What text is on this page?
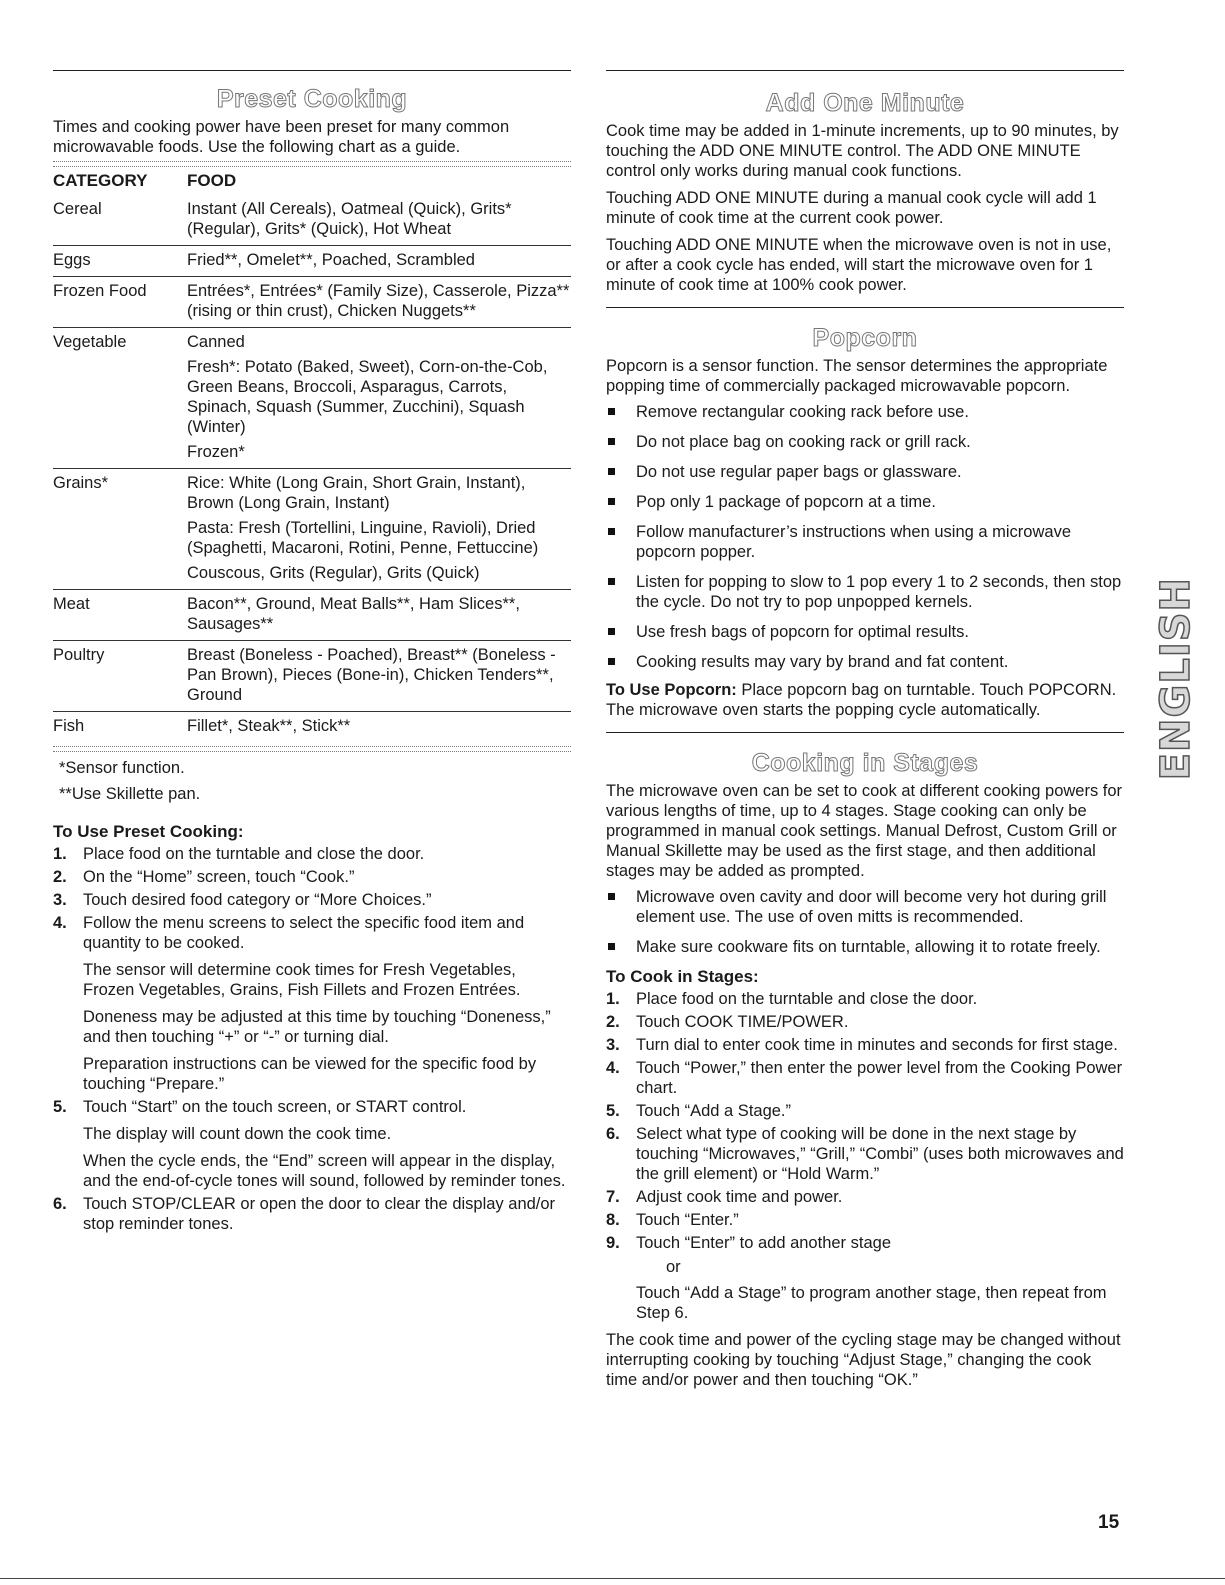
Preset Cooking

Times and cooking power have been preset for many common microwavable foods. Use the following chart as a guide.

CATEGORY	FOOD
Cereal	Instant (All Cereals), Oatmeal (Quick), Grits* (Regular), Grits* (Quick), Hot Wheat

Eggs	Fried**, Omelet**, Poached, Scrambled

Frozen Food	Entrées*, Entrées* (Family Size), Casserole, Pizza** (rising or thin crust), Chicken Nuggets**

Vegetable	Canned

Fresh*: Potato (Baked, Sweet), Corn-on-the-Cob, Green Beans, Broccoli, Asparagus, Carrots, Spinach, Squash (Summer, Zucchini), Squash (Winter)

Frozen*

Grains*	Rice: White (Long Grain, Short Grain, Instant), Brown (Long Grain, Instant)

Pasta: Fresh (Tortellini, Linguine, Ravioli), Dried (Spaghetti, Macaroni, Rotini, Penne, Fettuccine)

Couscous, Grits (Regular), Grits (Quick)

Meat	Bacon**, Ground, Meat Balls**, Ham Slices**, Sausages**

Poultry	Breast (Boneless - Poached), Breast** (Boneless - Pan Brown), Pieces (Bone-in), Chicken Tenders**, Ground

Fish	Fillet*, Steak**, Stick**

*Sensor function.

**Use Skillette pan.

To Use Preset Cooking:
1. Place food on the turntable and close the door.
2. On the “Home” screen, touch “Cook.”
3. Touch desired food category or “More Choices.”
4. Follow the menu screens to select the specific food item and quantity to be cooked.
The sensor will determine cook times for Fresh Vegetables, Frozen Vegetables, Grains, Fish Fillets and Frozen Entrées.
Doneness may be adjusted at this time by touching “Doneness,” and then touching “+” or “-” or turning dial.
Preparation instructions can be viewed for the specific food by touching “Prepare.”
5. Touch “Start” on the touch screen, or START control.
The display will count down the cook time.
When the cycle ends, the “End” screen will appear in the display, and the end-of-cycle tones will sound, followed by reminder tones.
6. Touch STOP/CLEAR or open the door to clear the display and/or stop reminder tones.
Add One Minute

Cook time may be added in 1-minute increments, up to 90 minutes, by touching the ADD ONE MINUTE control. The ADD ONE MINUTE control only works during manual cook functions.

Touching ADD ONE MINUTE during a manual cook cycle will add 1 minute of cook time at the current cook power.

Touching ADD ONE MINUTE when the microwave oven is not in use, or after a cook cycle has ended, will start the microwave oven for 1 minute of cook time at 100% cook power.

Popcorn

Popcorn is a sensor function. The sensor determines the appropriate popping time of commercially packaged microwavable popcorn.

Remove rectangular cooking rack before use.
Do not place bag on cooking rack or grill rack.
Do not use regular paper bags or glassware.
Pop only 1 package of popcorn at a time.
Follow manufacturer’s instructions when using a microwave popcorn popper.
Listen for popping to slow to 1 pop every 1 to 2 seconds, then stop the cycle. Do not try to pop unpopped kernels.
Use fresh bags of popcorn for optimal results.
Cooking results may vary by brand and fat content.

To Use Popcorn: Place popcorn bag on turntable. Touch POPCORN. The microwave oven starts the popping cycle automatically.

Cooking in Stages

The microwave oven can be set to cook at different cooking powers for various lengths of time, up to 4 stages. Stage cooking can only be programmed in manual cook settings. Manual Defrost, Custom Grill or Manual Skillette may be used as the first stage, and then additional stages may be added as prompted.

Microwave oven cavity and door will become very hot during grill element use. The use of oven mitts is recommended.
Make sure cookware fits on turntable, allowing it to rotate freely.
To Cook in Stages:
1. Place food on the turntable and close the door.
2. Touch COOK TIME/POWER.
3. Turn dial to enter cook time in minutes and seconds for first stage.
4. Touch “Power,” then enter the power level from the Cooking Power chart.
5. Touch “Add a Stage.”
6. Select what type of cooking will be done in the next stage by touching “Microwaves,” “Grill,” “Combi” (uses both microwaves and the grill element) or “Hold Warm.”
7. Adjust cook time and power.
8. Touch “Enter.”
9. Touch “Enter” to add another stage

or

Touch “Add a Stage” to program another stage, then repeat from Step 6.

The cook time and power of the cycling stage may be changed without interrupting cooking by touching “Adjust Stage,” changing the cook time and/or power and then touching “OK.”

ENGLISH
15
